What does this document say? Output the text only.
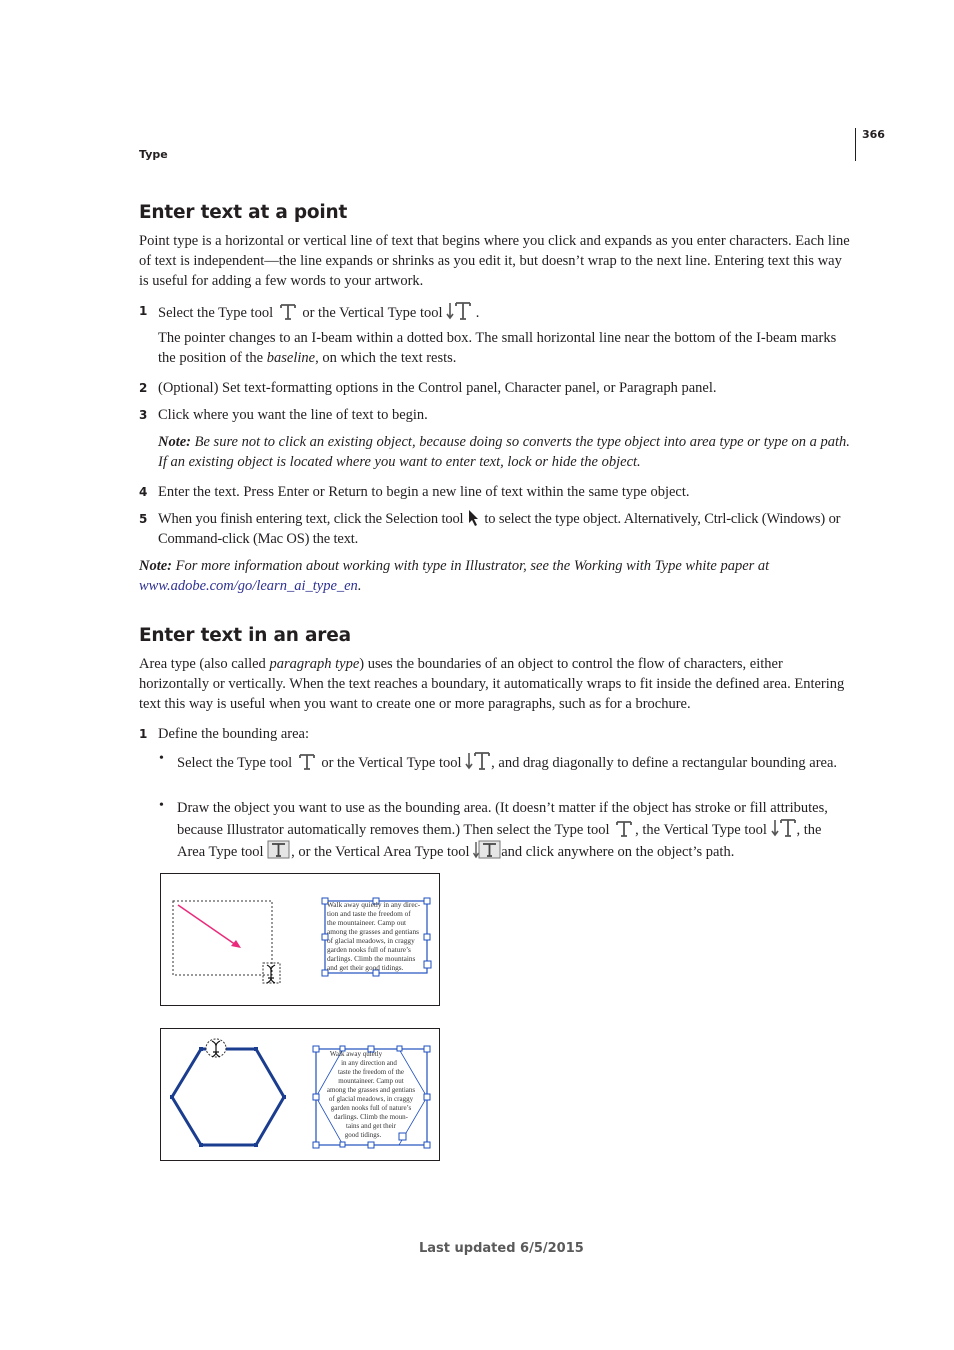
366
Type
Enter text at a point
Point type is a horizontal or vertical line of text that begins where you click and expands as you enter characters. Each line of text is independent—the line expands or shrinks as you edit it, but doesn’t wrap to the next line. Entering text this way is useful for adding a few words to your artwork.
1 Select the Type tool or the Vertical Type tool .
The pointer changes to an I-beam within a dotted box. The small horizontal line near the bottom of the I-beam marks the position of the baseline, on which the text rests.
2 (Optional) Set text-formatting options in the Control panel, Character panel, or Paragraph panel.
3 Click where you want the line of text to begin.
Note: Be sure not to click an existing object, because doing so converts the type object into area type or type on a path. If an existing object is located where you want to enter text, lock or hide the object.
4 Enter the text. Press Enter or Return to begin a new line of text within the same type object.
5 When you finish entering text, click the Selection tool to select the type object. Alternatively, Ctrl-click (Windows) or Command-click (Mac OS) the text.
Note: For more information about working with type in Illustrator, see the Working with Type white paper at
www.adobe.com/go/learn_ai_type_en.
Enter text in an area
Area type (also called paragraph type) uses the boundaries of an object to control the flow of characters, either horizontally or vertically. When the text reaches a boundary, it automatically wraps to fit inside the defined area. Entering text this way is useful when you want to create one or more paragraphs, such as for a brochure.
1 Define the bounding area:
• Select the Type tool or the Vertical Type tool , and drag diagonally to define a rectangular bounding area.
• Draw the object you want to use as the bounding area. (It doesn’t matter if the object has stroke or fill attributes, because Illustrator automatically removes them.) Then select the Type tool , the Vertical Type tool , the Area Type tool , or the Vertical Area Type tool and click anywhere on the object’s path.
Walk away quietly in any direc-
tion and taste the freedom of
the mountaineer. Camp out
among the grasses and gentians
of glacial meadows, in craggy
garden nooks full of nature’s
darlings. Climb the mountains
and get their good tidings.
Walk away quietly
in any direction and
taste the freedom of the
mountaineer. Camp out
among the grasses and gentians
of glacial meadows, in craggy
garden nooks full of nature’s
darlings. Climb the moun-
tains and get their
good tidings.
Last updated 6/5/2015
